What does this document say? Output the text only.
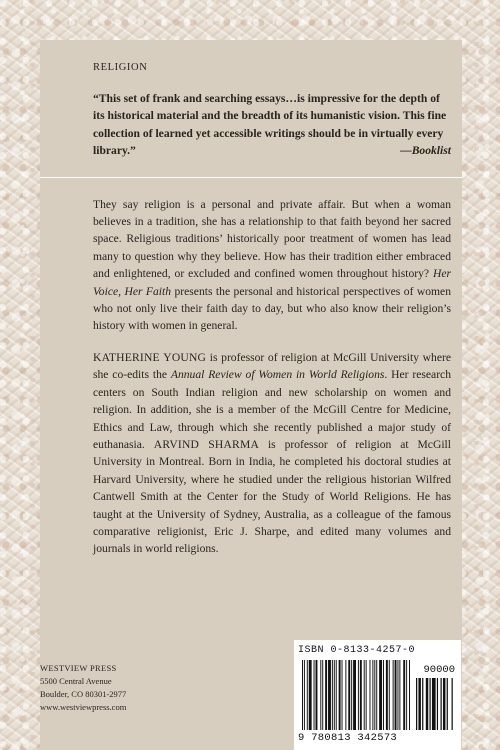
RELIGION

“This set of frank and searching essays…is impressive for the depth of its historical material and the breadth of its humanistic vision. This fine collection of learned yet accessible writings should be in virtually every library.”	—Booklist

They say religion is a personal and private affair. But when a woman believes in a tradition, she has a relationship to that faith beyond her sacred space. Religious traditions’ historically poor treatment of women has lead many to question why they believe. How has their tradition either embraced and enlightened, or excluded and confined women throughout history? Her Voice, Her Faith presents the personal and historical perspectives of women who not only live their faith day to day, but who also know their religion’s history with women in general.

KATHERINE YOUNG is professor of religion at McGill University where she co-edits the Annual Review of Women in World Religions. Her research centers on South Indian religion and new scholarship on women and religion. In addition, she is a member of the McGill Centre for Medicine, Ethics and Law, through which she recently published a major study of euthanasia. ARVIND SHARMA is professor of religion at McGill University in Montreal. Born in India, he completed his doctoral studies at Harvard University, where he studied under the religious historian Wilfred Cantwell Smith at the Center for the Study of World Religions. He has taught at the University of Sydney, Australia, as a colleague of the famous comparative religionist, Eric J. Sharpe, and edited many volumes and journals in world religions.

WESTVIEW PRESS
5500 Central Avenue
Boulder, CO 80301-2977
www.westviewpress.com
ISBN 0-8133-4257-0
90000
9 780813 342573
